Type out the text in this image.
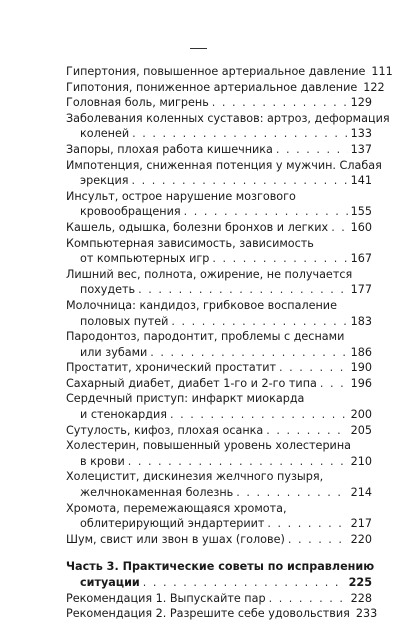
Гипертония, повышенное артериальное давление 111
Гипотония, пониженное артериальное давление 122
Головная боль, мигрень . . .	129
Заболевания коленных суставов: артроз, деформация
коленей . . .	133
Запоры, плохая работа кишечника . . .	137
Импотенция, сниженная потенция у мужчин. Слабая
эрекция . . .	141
Инсульт, острое нарушение мозгового
кровообращения . . .	155
Кашель, одышка, болезни бронхов и легких . . . 160
Компьютерная зависимость, зависимость
от компьютерных игр . . .	167
Лишний вес, полнота, ожирение, не получается
похудеть . . .	177
Молочница: кандидоз, грибковое воспаление
половых путей . . .	183
Пародонтоз, пародонтит, проблемы с деснами
или зубами . . .	186
Простатит, хронический простатит . . .	190
Сахарный диабет, диабет 1-го и 2-го типа . . .	196
Сердечный приступ: инфаркт миокарда
и стенокардия . . .	200
Сутулость, кифоз, плохая осанка . . .	205
Холестерин, повышенный уровень холестерина
в крови . . .	210
Холецистит, дискинезия желчного пузыря,
желчнокаменная болезнь . . .	214
Хромота, перемежающаяся хромота,
облитерирующий эндартериит . . .	217
Шум, свист или звон в ушах (голове) . . .	220
Часть 3. Практические советы по исправлению
ситуации . . .	225
Рекомендация 1. Выпускайте пар . . .	228
Рекомендация 2. Разрешите себе удовольствия 233
